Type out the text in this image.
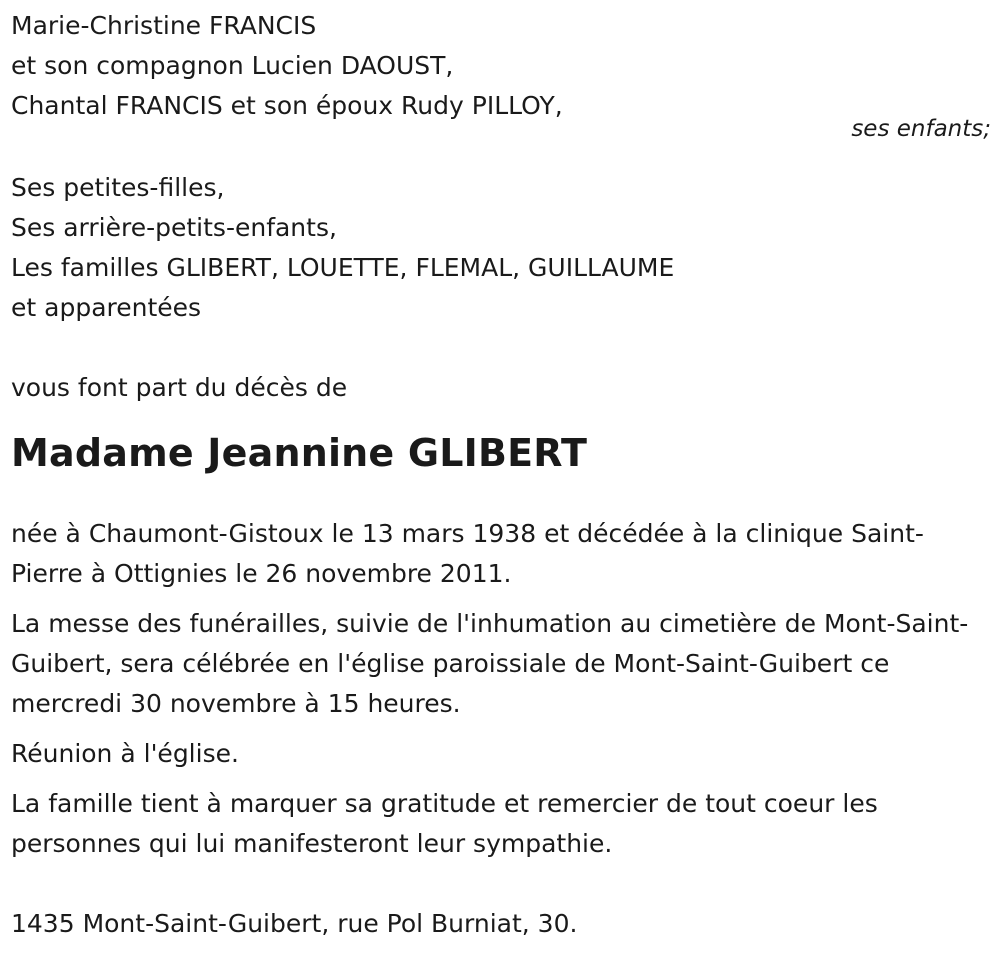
Marie-Christine FRANCIS
et son compagnon Lucien DAOUST,
Chantal FRANCIS et son époux Rudy PILLOY,
ses enfants;
Ses petites-filles,
Ses arrière-petits-enfants,
Les familles GLIBERT, LOUETTE, FLEMAL, GUILLAUME
et apparentées
vous font part du décès de
Madame Jeannine GLIBERT
née à Chaumont-Gistoux le 13 mars 1938 et décédée à la clinique Saint-Pierre à Ottignies le 26 novembre 2011.
La messe des funérailles, suivie de l'inhumation au cimetière de Mont-Saint-Guibert, sera célébrée en l'église paroissiale de Mont-Saint-Guibert ce mercredi 30 novembre à 15 heures.
Réunion à l'église.
La famille tient à marquer sa gratitude et remercier de tout coeur les personnes qui lui manifesteront leur sympathie.
1435 Mont-Saint-Guibert, rue Pol Burniat, 30.
